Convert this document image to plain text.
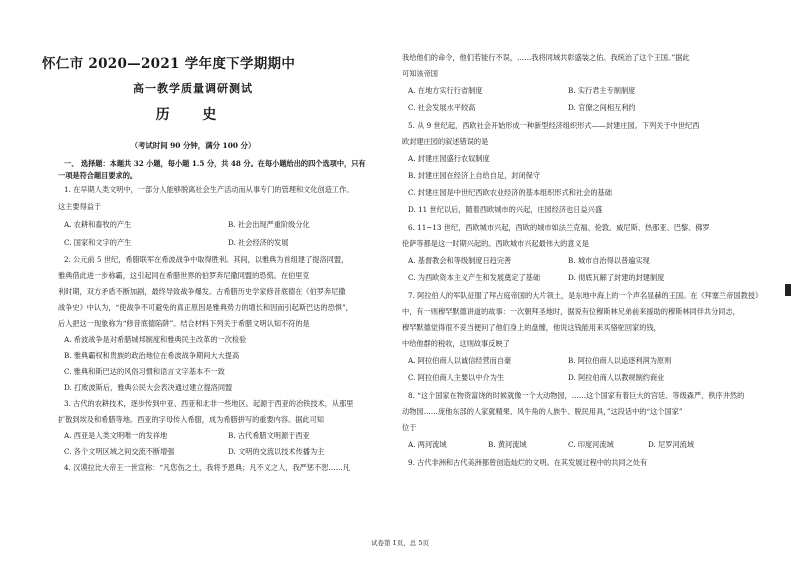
怀仁市 2020—2021 学年度下学期期中
高一教学质量调研测试
历 史
（考试时间 90 分钟，满分 100 分）
一、 选择题：本题共 32 小题，每小题 1.5 分，共 48 分。在每小题给出的四个选项中，只有
一项是符合题目要求的。
1. 在早期人类文明中，一部分人能够脱离社会生产活动而从事专门的管理和文化创造工作。
这主要得益于
A. 农耕和畜牧的产生	B. 社会出现严重阶级分化
C. 国家和文字的产生	D. 社会经济的发展
2. 公元前 5 世纪，希腊联军在希波战争中取得胜利。其间，以雅典为首组建了提洛同盟，
雅典借此进一步称霸，这引起同在希腊世界的伯罗奔尼撒同盟的恐慌。在伯里克
利时期，双方矛盾不断加剧，最终导致战争爆发。古希腊历史学家修昔底德在《伯罗奔尼撒
战争史》中认为，“使战争不可避免的真正原因是雅典势力的增长和因而引起斯巴达的恐惧”，
后人把这一现象称为“修昔底德陷阱”。结合材料下列关于希腊文明认知不符的是
A. 希波战争是对希腊城邦制度和雅典民主改革的一次检验
B. 雅典霸权和贵族的政治地位在希波战争期间大大提高
C. 雅典和斯巴达的风俗习惯和语言文字基本不一致
D. 打败波斯后，雅典公民大会表决通过建立提洛同盟
3. 古代的农耕技术，逐步传到中亚、西亚和北非一些地区。起源于西亚的冶铁技术，从那里
扩散到埃及和希腊等地。西亚的字母传入希腊，成为希腊拼写的重要内容。据此可知
A. 西亚是人类文明唯一的发祥地	B. 古代希腊文明源于西亚
C. 各个文明区域之间交流不断增强	D. 文明的交流以技术传播为主
4. 汉谟拉比大帝王一世宣称：“凡您伤之土，我将予恩典；凡不义之人，我严惩不恕……凡
我给他们的命令，他们若能行不误，……我将同域共彰盛装之佑。我统治了这个王国。”据此
可知该帝国
A. 在地方实行行省制度	B. 实行君主专制制度
C. 社会发展水平较高	D. 官僚之间相互利约
5. 从 9 世纪起，西欧社会开始形成一种新型经济组织形式——封建庄园。下列关于中世纪西
欧封建庄园的叙述错误的是
A. 封建庄园盛行农奴制度
B. 封建庄园在经济上自给自足，封闭保守
C. 封建庄园是中世纪西欧农业经济的基本组织形式和社会的基础
D. 11 世纪以后，随着西欧城市的兴起，庄园经济也日益兴盛
6. 11~13 世纪，西欧城市兴起，西欧的城市如法兰克福、伦敦、威尼斯、热那亚、巴黎、佛罗
伦萨等都是这一时期兴起的。西欧城市兴起最伟大的意义是
A. 基督教会和等级制度日趋完善	B. 城市自治得以普遍实现
C. 为西欧资本主义产生和发展奠定了基础	D. 彻底瓦解了封建的封建制度
7. 阿拉伯人的军队征服了拜占庭帝国的大片领土，是东地中海上的一个声名显赫的王国。在《拜塞兰帝国教授》
中，有一则穆罕默德讲道的故事：一次朝拜圣地时，据说有位穆斯林兄弟前来援助的穆斯林同伴共分同志，
穆罕默德觉得很不妥当便问了他们身上的盘缠，他说这钱能用来买骆驼回家的钱，
中给他群的税收，这则故事反映了
A. 阿拉伯商人以诚信经营而自豪	B. 阿拉伯商人以追逐利润为原则
C. 阿拉伯商人主要以中介为生	D. 阿拉伯商人以教规制约商业
8. “这个国家在物资富饶的时候就像一个大动物园，……这个国家有着巨大的宫廷、等级森严、秩序井然的
动物园……庞他东部的人家就精果、风牛角的人族牛、脱民用具，”这段话中的“这个国家”
位于
A. 两河流域	B. 黄河流域	C. 印度河流域	D. 尼罗河流域
9. 古代非洲和古代美洲都曾创造灿烂的文明。在其发展过程中的共同之处有
试卷第 1页，总 5页
